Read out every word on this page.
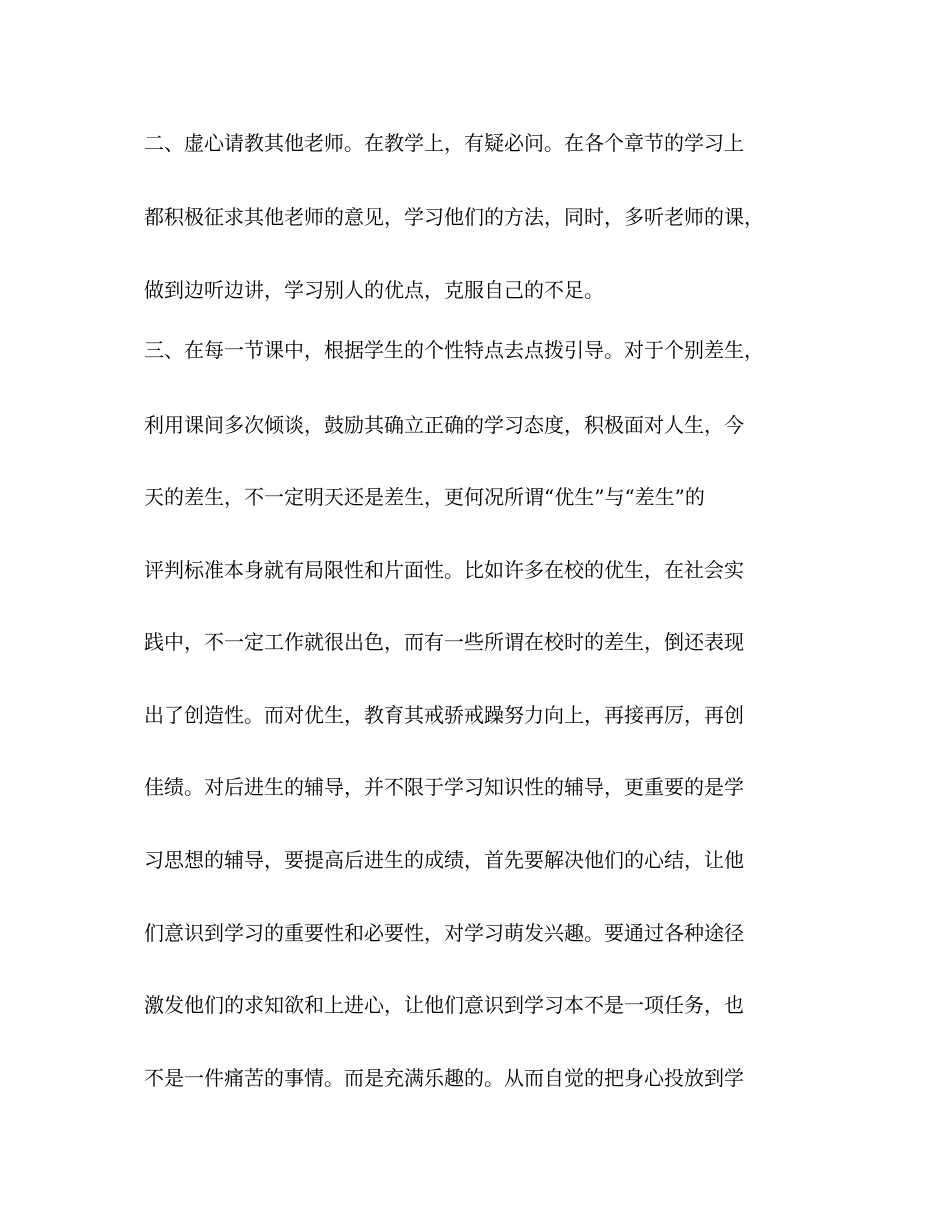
二、虚心请教其他老师。在教学上，有疑必问。在各个章节的学习上
都积极征求其他老师的意见，学习他们的方法，同时，多听老师的课，
做到边听边讲，学习别人的优点，克服自己的不足。
三、在每一节课中，根据学生的个性特点去点拨引导。对于个别差生，
利用课间多次倾谈，鼓励其确立正确的学习态度，积极面对人生，今
天的差生，不一定明天还是差生，更何况所谓“优生”与“差生”的
评判标准本身就有局限性和片面性。比如许多在校的优生，在社会实
践中，不一定工作就很出色，而有一些所谓在校时的差生，倒还表现
出了创造性。而对优生，教育其戒骄戒躁努力向上，再接再厉，再创
佳绩。对后进生的辅导，并不限于学习知识性的辅导，更重要的是学
习思想的辅导，要提高后进生的成绩，首先要解决他们的心结，让他
们意识到学习的重要性和必要性，对学习萌发兴趣。要通过各种途径
激发他们的求知欲和上进心，让他们意识到学习本不是一项任务，也
不是一件痛苦的事情。而是充满乐趣的。从而自觉的把身心投放到学
